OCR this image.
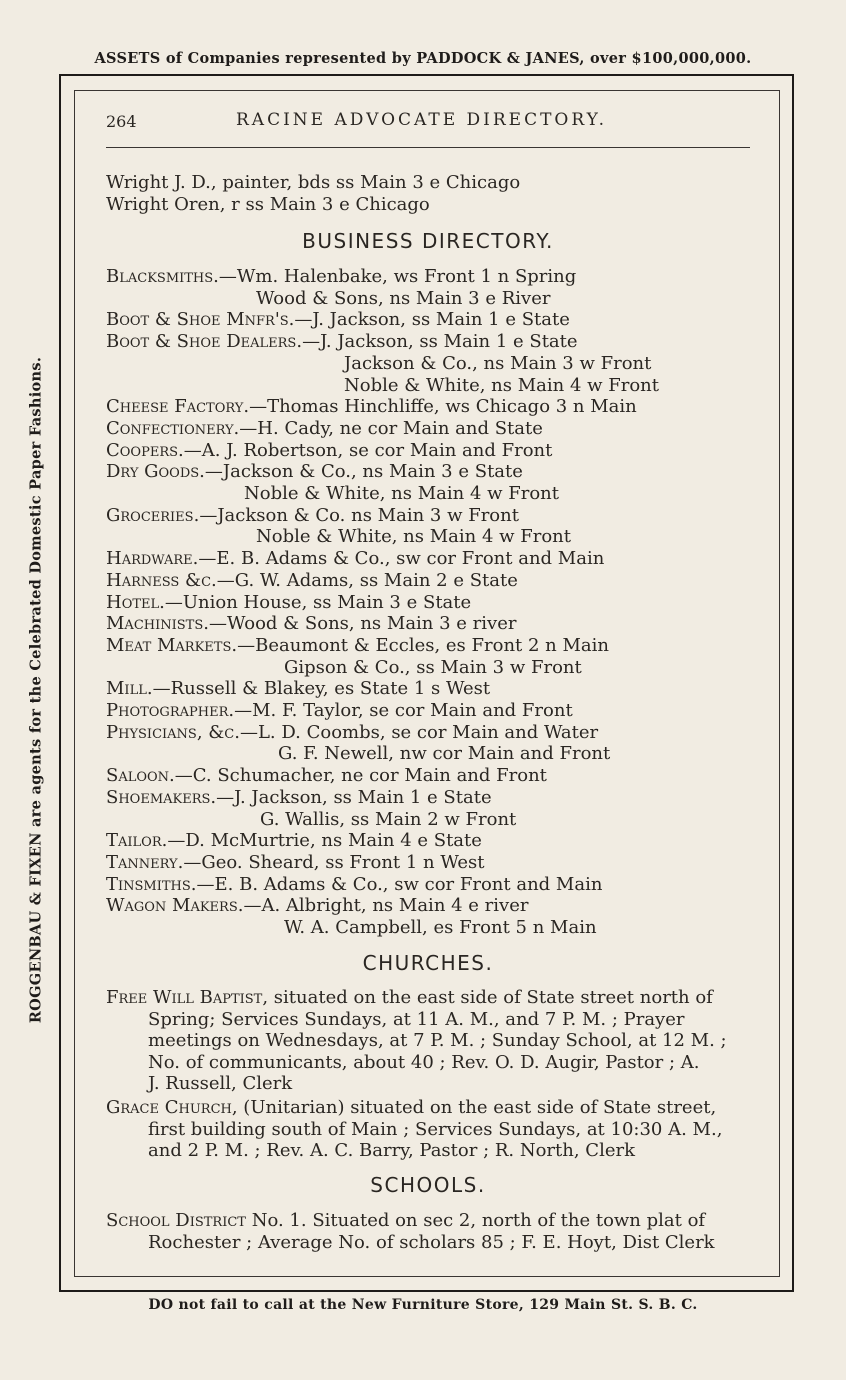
ASSETS of Companies represented by PADDOCK & JANES, over $100,000,000.
ROGGENBAU & FIXEN are agents for the Celebrated Domestic Paper Fashions.
DO not fail to call at the New Furniture Store, 129 Main St. S. B. C.
264	RACINE ADVOCATE DIRECTORY.
Wright J. D., painter, bds ss Main 3 e Chicago
Wright Oren, r ss Main 3 e Chicago
BUSINESS DIRECTORY.
Blacksmiths.—Wm. Halenbake, ws Front 1 n Spring
Wood & Sons, ns Main 3 e River
Boot & Shoe Mnfr's.—J. Jackson, ss Main 1 e State
Boot & Shoe Dealers.—J. Jackson, ss Main 1 e State
Jackson & Co., ns Main 3 w Front
Noble & White, ns Main 4 w Front
Cheese Factory.—Thomas Hinchliffe, ws Chicago 3 n Main
Confectionery.—H. Cady, ne cor Main and State
Coopers.—A. J. Robertson, se cor Main and Front
Dry Goods.—Jackson & Co., ns Main 3 e State
Noble & White, ns Main 4 w Front
Groceries.—Jackson & Co. ns Main 3 w Front
Noble & White, ns Main 4 w Front
Hardware.—E. B. Adams & Co., sw cor Front and Main
Harness &c.—G. W. Adams, ss Main 2 e State
Hotel.—Union House, ss Main 3 e State
Machinists.—Wood & Sons, ns Main 3 e river
Meat Markets.—Beaumont & Eccles, es Front 2 n Main
Gipson & Co., ss Main 3 w Front
Mill.—Russell & Blakey, es State 1 s West
Photographer.—M. F. Taylor, se cor Main and Front
Physicians, &c.—L. D. Coombs, se cor Main and Water
G. F. Newell, nw cor Main and Front
Saloon.—C. Schumacher, ne cor Main and Front
Shoemakers.—J. Jackson, ss Main 1 e State
G. Wallis, ss Main 2 w Front
Tailor.—D. McMurtrie, ns Main 4 e State
Tannery.—Geo. Sheard, ss Front 1 n West
Tinsmiths.—E. B. Adams & Co., sw cor Front and Main
Wagon Makers.—A. Albright, ns Main 4 e river
W. A. Campbell, es Front 5 n Main
CHURCHES.
Free Will Baptist, situated on the east side of State street north of
Spring; Services Sundays, at 11 A. M., and 7 P. M. ; Prayer
meetings on Wednesdays, at 7 P. M. ; Sunday School, at 12 M. ;
No. of communicants, about 40 ; Rev. O. D. Augir, Pastor ; A.
J. Russell, Clerk
Grace Church, (Unitarian) situated on the east side of State street,
first building south of Main ; Services Sundays, at 10:30 A. M.,
and 2 P. M. ; Rev. A. C. Barry, Pastor ; R. North, Clerk
SCHOOLS.
School District No. 1. Situated on sec 2, north of the town plat of
Rochester ; Average No. of scholars 85 ; F. E. Hoyt, Dist Clerk
